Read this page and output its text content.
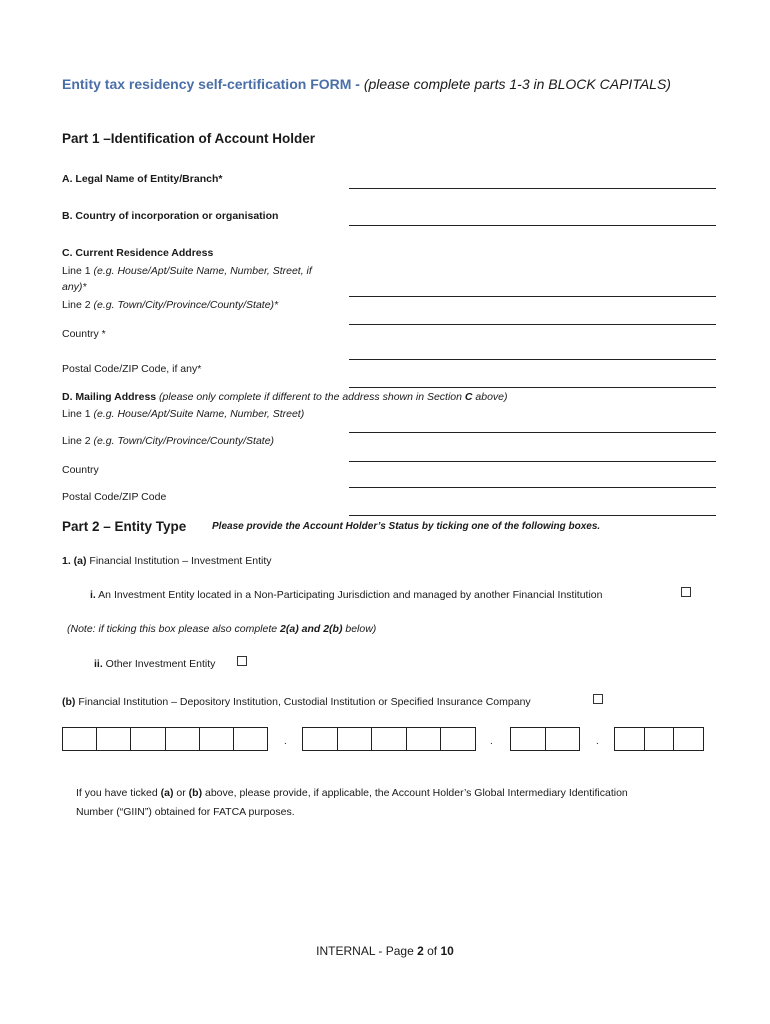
Entity tax residency self-certification FORM - (please complete parts 1-3 in BLOCK CAPITALS)
Part 1 –Identification of Account Holder
A. Legal Name of Entity/Branch*
B. Country of incorporation or organisation
C. Current Residence Address
Line 1 (e.g. House/Apt/Suite Name, Number, Street, if
any)*
Line 2 (e.g. Town/City/Province/County/State)*
Country *
Postal Code/ZIP Code, if any*
D. Mailing Address (please only complete if different to the address shown in Section C above)
Line 1 (e.g. House/Apt/Suite Name, Number, Street)
Line 2 (e.g. Town/City/Province/County/State)
Country
Postal Code/ZIP Code
Part 2 – Entity Type	Please provide the Account Holder’s Status by ticking one of the following boxes.
1. (a) Financial Institution – Investment Entity
i. An Investment Entity located in a Non-Participating Jurisdiction and managed by another Financial Institution
(Note: if ticking this box please also complete 2(a) and 2(b) below)
ii. Other Investment Entity
(b) Financial Institution – Depository Institution, Custodial Institution or Specified Insurance Company
.	.	.
If you have ticked (a) or (b) above, please provide, if applicable, the Account Holder’s Global Intermediary Identification
Number (“GIIN”) obtained for FATCA purposes.
INTERNAL - Page 2 of 10
